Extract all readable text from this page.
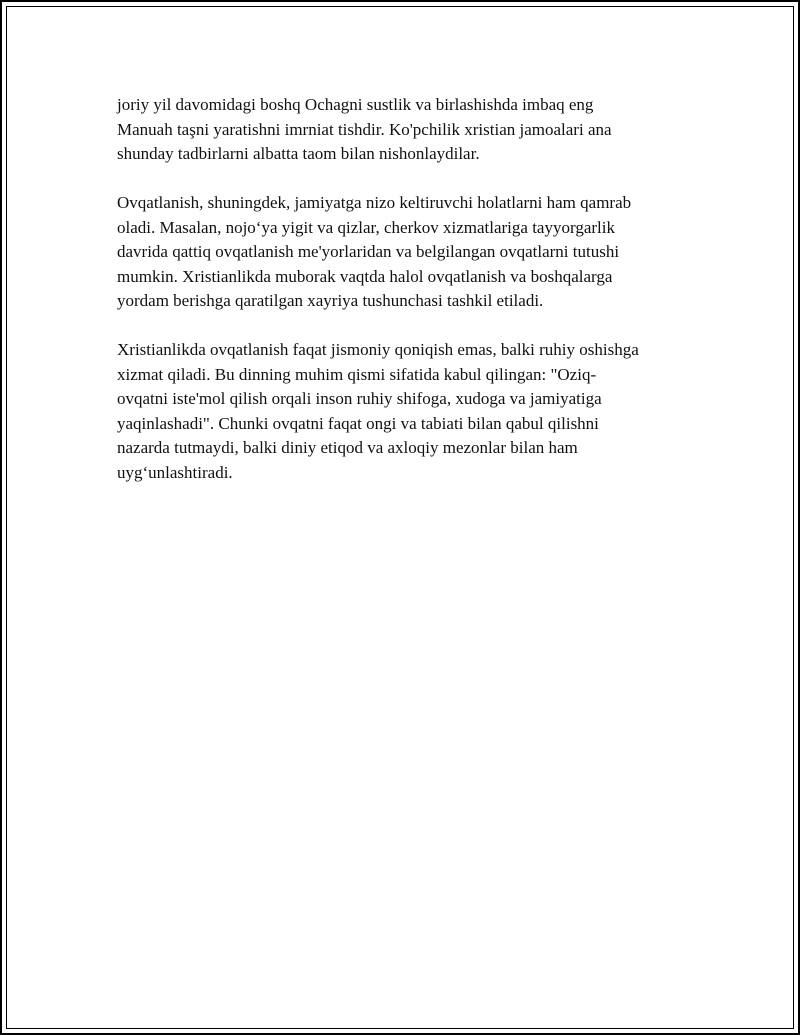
joriy yil davomidagi boshq Ochagni sustlik va birlashishda imbaq eng
Manuah taşni yaratishni imrniat tishdir. Ko'pchilik xristian jamoalari ana
shunday tadbirlarni albatta taom bilan nishonlaydilar.

Ovqatlanish, shuningdek, jamiyatga nizo keltiruvchi holatlarni ham qamrab
oladi. Masalan, nojo‘ya yigit va qizlar, cherkov xizmatlariga tayyorgarlik
davrida qattiq ovqatlanish me'yorlaridan va belgilangan ovqatlarni tutushi
mumkin. Xristianlikda muborak vaqtda halol ovqatlanish va boshqalarga
yordam berishga qaratilgan xayriya tushunchasi tashkil etiladi.

Xristianlikda ovqatlanish faqat jismoniy qoniqish emas, balki ruhiy oshishga
xizmat qiladi. Bu dinning muhim qismi sifatida kabul qilingan: "Oziq-
ovqatni iste'mol qilish orqali inson ruhiy shifoga, xudoga va jamiyatiga
yaqinlashadi". Chunki ovqatni faqat ongi va tabiati bilan qabul qilishni
nazarda tutmaydi, balki diniy etiqod va axloqiy mezonlar bilan ham
uyg‘unlashtiradi.
